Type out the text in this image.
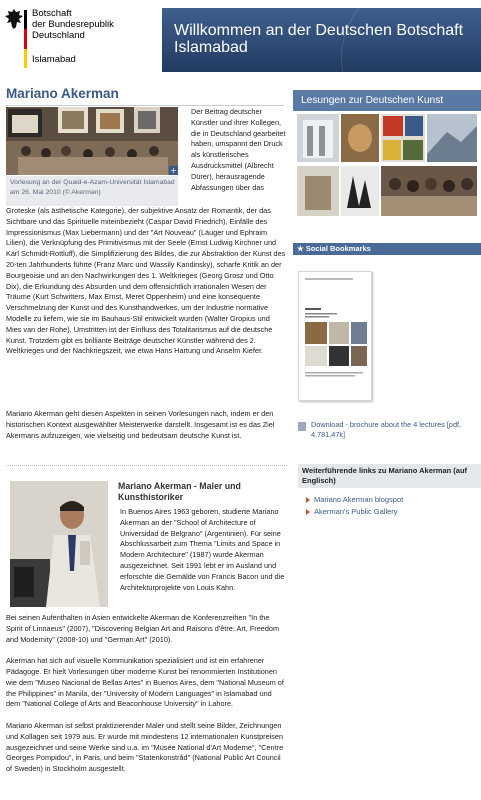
Botschaft
der Bundesrepublik
Deutschland
Islamabad
Willkommen an der Deutschen Botschaft Islamabad
Mariano Akerman
+
Vorlesung an der Quaid-e-Azam-Universität Islamabad am 26. Mai 2010 (© Akerman)
Der Beitrag deutscher Künstler und ihrer Kollegen, die in Deutschland gearbeitet haben, umspannt den Druck als künstlerisches Ausdrucksmittel (Albrecht Dürer), herausragende Abfassungen über das
Groteske (als ästhetische Kategorie), der subjektive Ansatz der Romantik, der das Sichtbare und das Spirituelle miteinbezieht (Caspar David Friedrich), Einfälle des Impressionismus (Max Liebermann) und der "Art Nouveau" (Läuger und Ephraim Lilien), die Verknüpfung des Primitivismus mit der Seele (Ernst Ludwig Kirchner und Karl Schmidt-Rottluff), die Simplifizierung des Bildes, die zur Abstraktion der Kunst des 20-ten Jahrhunderts führte (Franz Marc und Wassily Kandinsky), scharfe Kritik an der Bourgeoisie und an den Nachwirkungen des 1. Weltkrieges (Georg Grosz und Otto Dix), die Erkundung des Absurden und dem offensichtlich irrationalen Wesen der Träume (Kurt Schwitters, Max Ernst, Meret Oppenheim) und eine konsequente Verschmelzung der Kunst und des Kunsthandwerkes, um der Industrie normative Modelle zu liefern, wie sie im Bauhaus-Stil entwickelt wurden (Walter Gropius und Mies van der Rohe). Umstritten ist der Einfluss des Totalitarismus auf die deutsche Kunst. Trotzdem gibt es brilliante Beiträge deutscher Künstler während des 2. Weltkrieges und der Nachkriegszeit, wie etwa Hans Hartung und Anselm Kiefer.
Mariano Akerman geht diesen Aspekten in seinen Vorlesungen nach, indem er den historischen Kontext ausgewählter Meisterwerke darstellt. Insgesamt ist es das Ziel Akermans aufzuzeigen, wie vielseitig und bedeutsam deutsche Kunst ist.
Mariano Akerman - Maler und Kunsthistoriker
In Buenos Aires 1963 geboren, studierte Mariano Akerman an der "School of Architecture of Universidad de Belgrano" (Argentinien). Für seine Abschlussarbeit zum Thema "Limits and Space in Modern Architecture" (1987) wurde Akerman ausgezeichnet. Seit 1991 lebt er im Ausland und erforschte die Gemälde von Francis Bacon und die Architekturprojekte von Louis Kahn.

Bei seinen Aufenthalten in Asien entwickelte Akerman die Konferenzreihen "In the Spirit of Linnaeus" (2007), "Discovering Belgian Art and Raisons d'être: Art, Freedom and Modernity" (2008-10) und "German Art" (2010).

Akerman hat sich auf visuelle Kommunikation spezialisiert und ist ein erfahrener Pädagoge. Er hielt Vorlesungen über moderne Kunst bei renommierten Institutionen wie dem "Museo Nacional de Bellas Artes" in Buenos Aires, dem "National Museum of the Philippines" in Manila, der "University of Modern Languages" in Islamabad und dem "National College of Arts and Beaconhouse University" in Lahore.

Mariano Akerman ist selbst praktizierender Maler und stellt seine Bilder, Zeichnungen und Kollagen seit 1979 aus. Er wurde mit mindestens 12 internationalen Kunstpreisen ausgezeichnet und seine Werke sind u.a. im "Musée National d'Art Moderne", "Centre Georges Pompidou", in Paris, und beim "Statenkonstråd" (National Public Art Council of Sweden) in Stockholm ausgestellt.

Lesungen zur Deutschen Kunst
★ Social Bookmarks
Download - brochure about the 4 lectures [pdf, 4,781.47k]
Weiterführende links zu Mariano Akerman (auf Englisch)
Mariano Akerman blogspot
Akerman's Public Gallery
